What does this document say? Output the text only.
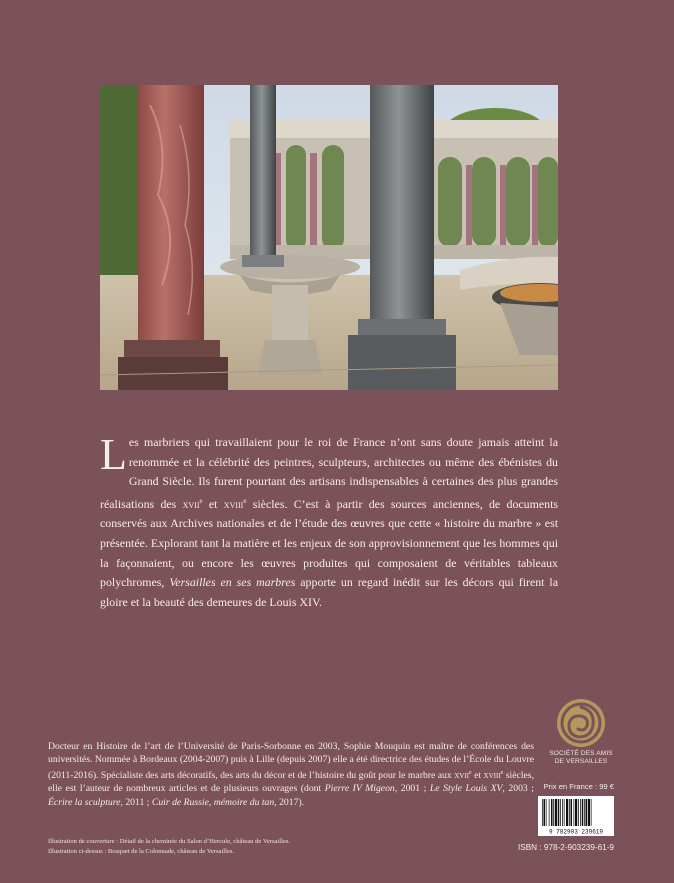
Les marbriers qui travaillaient pour le roi de France n’ont sans doute jamais atteint la renommée et la célébrité des peintres, sculpteurs, architectes ou même des ébénistes du Grand Siècle. Ils furent pourtant des artisans indispensables à certaines des plus grandes réalisations des xvii$^e$ et xviii$^e$ siècles. C’est à partir des sources anciennes, de documents conservés aux Archives nationales et de l’étude des œuvres que cette « histoire du marbre » est présentée. Explorant tant la matière et les enjeux de son approvisionnement que les hommes qui la façonnaient, ou encore les œuvres produites qui composaient de véritables tableaux polychromes, Versailles en ses marbres apporte un regard inédit sur les décors qui firent la gloire et la beauté des demeures de Louis XIV.

SOCIÉTÉ DES AMIS
DE VERSAILLES

Docteur en Histoire de l’art de l’Université de Paris-Sorbonne en 2003, Sophie Mouquin est maître de conférences des universités. Nommée à Bordeaux (2004-2007) puis à Lille (depuis 2007) elle a été directrice des études de l’École du Louvre (2011-2016). Spécialiste des arts décoratifs, des arts du décor et de l’histoire du goût pour le marbre aux xvii$^e$ et xviii$^e$ siècles, elle est l’auteur de nombreux articles et de plusieurs ouvrages (dont Pierre IV Migeon, 2001 ; Le Style Louis XV, 2003 ; Écrire la sculpture, 2011 ; Cuir de Russie, mémoire du tan, 2017).

Prix en France : 99 €
9 782903 239619
Illustration de couverture : Détail de la cheminée du Salon d’Hercule, château de Versailles.
Illustration ci-dessus : Bosquet de la Colonnade, château de Versailles.	ISBN : 978-2-903239-61-9
